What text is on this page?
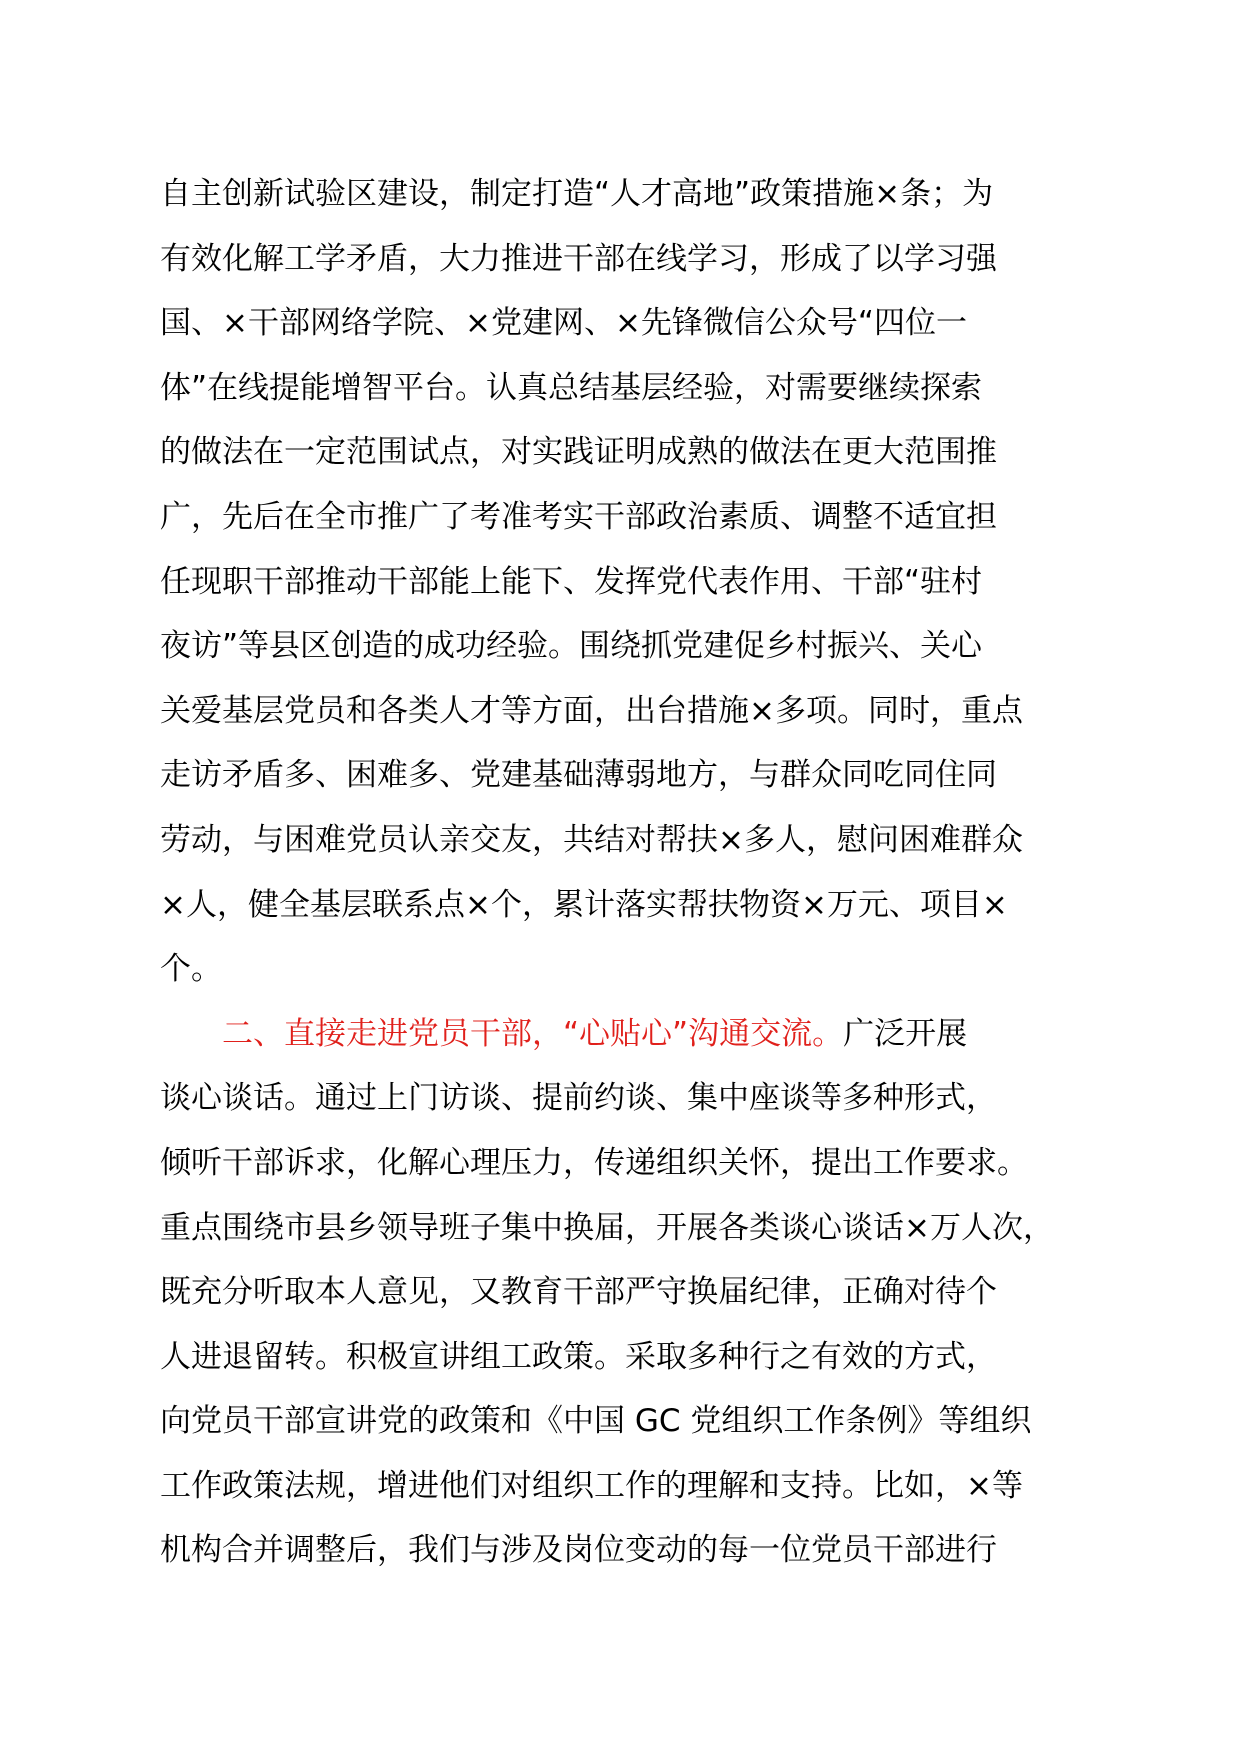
自主创新试验区建设，制定打造“人才高地”政策措施×条；为
有效化解工学矛盾，大力推进干部在线学习，形成了以学习强
国、×干部网络学院、×党建网、×先锋微信公众号“四位一
体”在线提能增智平台。认真总结基层经验，对需要继续探索
的做法在一定范围试点，对实践证明成熟的做法在更大范围推
广，先后在全市推广了考准考实干部政治素质、调整不适宜担
任现职干部推动干部能上能下、发挥党代表作用、干部“驻村
夜访”等县区创造的成功经验。围绕抓党建促乡村振兴、关心
关爱基层党员和各类人才等方面，出台措施×多项。同时，重点
走访矛盾多、困难多、党建基础薄弱地方，与群众同吃同住同
劳动，与困难党员认亲交友，共结对帮扶×多人，慰问困难群众
×人，健全基层联系点×个，累计落实帮扶物资×万元、项目×
个。
二、直接走进党员干部，“心贴心”沟通交流。广泛开展
谈心谈话。通过上门访谈、提前约谈、集中座谈等多种形式，
倾听干部诉求，化解心理压力，传递组织关怀，提出工作要求。
重点围绕市县乡领导班子集中换届，开展各类谈心谈话×万人次，
既充分听取本人意见，又教育干部严守换届纪律，正确对待个
人进退留转。积极宣讲组工政策。采取多种行之有效的方式，
向党员干部宣讲党的政策和《中国 GC 党组织工作条例》等组织
工作政策法规，增进他们对组织工作的理解和支持。比如，×等
机构合并调整后，我们与涉及岗位变动的每一位党员干部进行
